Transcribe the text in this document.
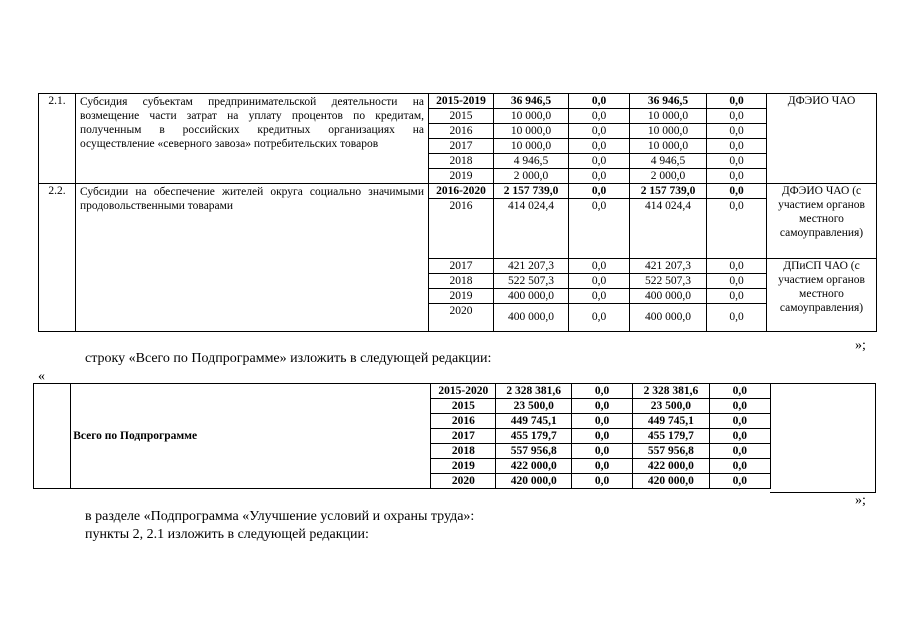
2.1.	Субсидия субъектам предпринимательской деятельности на возмещение части затрат на уплату процентов по кредитам, полученным в российских кредитных организациях на осуществление «северного завоза» потребительских товаров	2015-2019	36 946,5	0,0	36 946,5	0,0	ДФЭИО ЧАО
		2015	10 000,0	0,0	10 000,0	0,0	
		2016	10 000,0	0,0	10 000,0	0,0	
		2017	10 000,0	0,0	10 000,0	0,0	
		2018	4 946,5	0,0	4 946,5	0,0	
		2019	2 000,0	0,0	2 000,0	0,0	
2.2.	Субсидии на обеспечение жителей округа социально значимыми продовольственными товарами	2016-2020	2 157 739,0	0,0	2 157 739,0	0,0	ДФЭИО ЧАО (с участием органов местного самоуправления)
		2016	414 024,4	0,0	414 024,4	0,0	
		2017	421 207,3	0,0	421 207,3	0,0	ДПиСП ЧАО (с участием органов местного самоуправления)
		2018	522 507,3	0,0	522 507,3	0,0	
		2019	400 000,0	0,0	400 000,0	0,0	
		2020	400 000,0	0,0	400 000,0	0,0	
»;
строку «Всего по Подпрограмме» изложить в следующей редакции:
«
	Всего по Подпрограмме	2015-2020	2 328 381,6	0,0	2 328 381,6	0,0
		2015	23 500,0	0,0	23 500,0	0,0
		2016	449 745,1	0,0	449 745,1	0,0
		2017	455 179,7	0,0	455 179,7	0,0
		2018	557 956,8	0,0	557 956,8	0,0
		2019	422 000,0	0,0	422 000,0	0,0
		2020	420 000,0	0,0	420 000,0	0,0
»;
в разделе «Подпрограмма «Улучшение условий и охраны труда»:
пункты 2, 2.1 изложить в следующей редакции:
